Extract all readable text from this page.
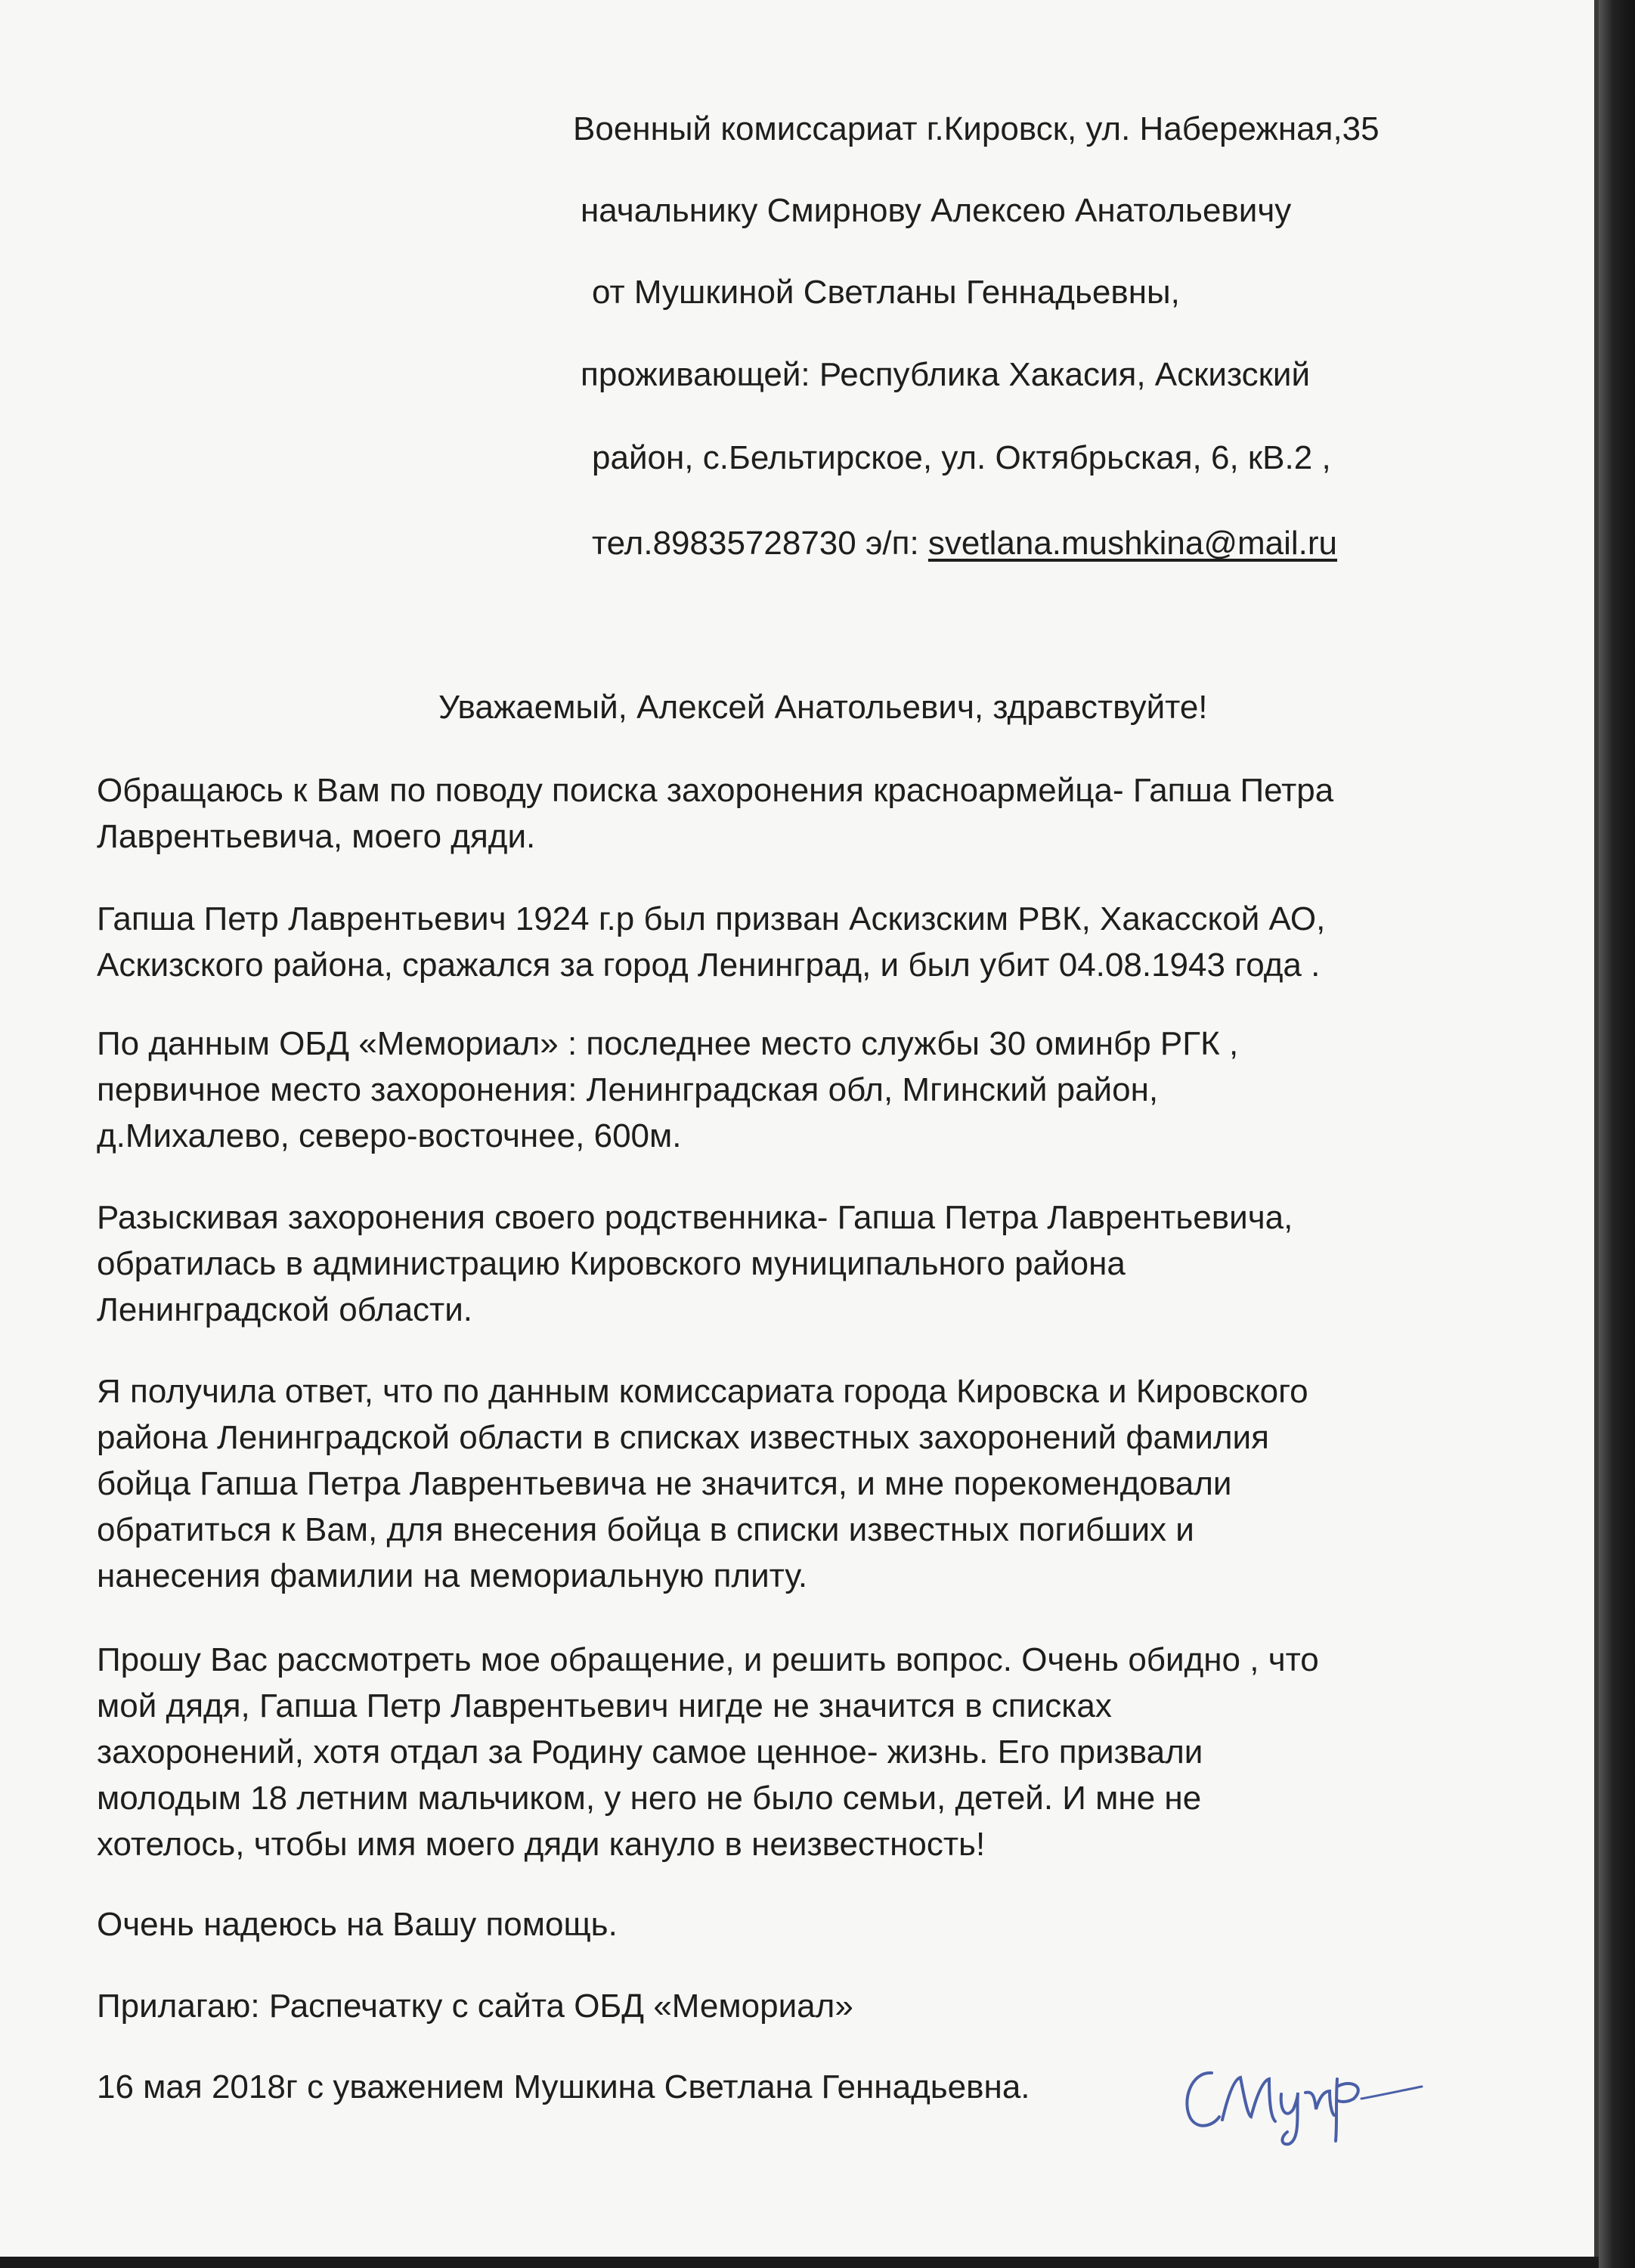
Военный комиссариат г.Кировск, ул. Набережная,35
начальнику Смирнову Алексею Анатольевичу
от Мушкиной Светланы Геннадьевны,
проживающей: Республика Хакасия, Аскизский
район, с.Бельтирское, ул. Октябрьская, 6, кВ.2 ,
тел.89835728730 э/п: svetlana.mushkina@mail.ru
Уважаемый, Алексей Анатольевич, здравствуйте!
Обращаюсь к Вам по поводу поиска захоронения красноармейца- Гапша Петра
Лаврентьевича, моего дяди.
Гапша Петр Лаврентьевич 1924 г.р был призван Аскизским РВК, Хакасской АО,
Аскизского района, сражался за город Ленинград, и был убит 04.08.1943 года .
По данным ОБД «Мемориал» : последнее место службы 30 оминбр РГК ,
первичное место захоронения: Ленинградская обл, Мгинский район,
д.Михалево, северо-восточнее, 600м.
Разыскивая захоронения своего родственника- Гапша Петра Лаврентьевича,
обратилась в администрацию Кировского муниципального района
Ленинградской области.
Я получила ответ, что по данным комиссариата города Кировска и Кировского
района Ленинградской области в списках известных захоронений фамилия
бойца Гапша Петра Лаврентьевича не значится, и мне порекомендовали
обратиться к Вам, для внесения бойца в списки известных погибших и
нанесения фамилии на мемориальную плиту.
Прошу Вас рассмотреть мое обращение, и решить вопрос. Очень обидно , что
мой дядя, Гапша Петр Лаврентьевич нигде не значится в списках
захоронений, хотя отдал за Родину самое ценное- жизнь. Его призвали
молодым 18 летним мальчиком, у него не было семьи, детей. И мне не
хотелось, чтобы имя моего дяди кануло в неизвестность!
Очень надеюсь на Вашу помощь.
Прилагаю: Распечатку с сайта ОБД «Мемориал»
16 мая 2018г с уважением Мушкина Светлана Геннадьевна.
